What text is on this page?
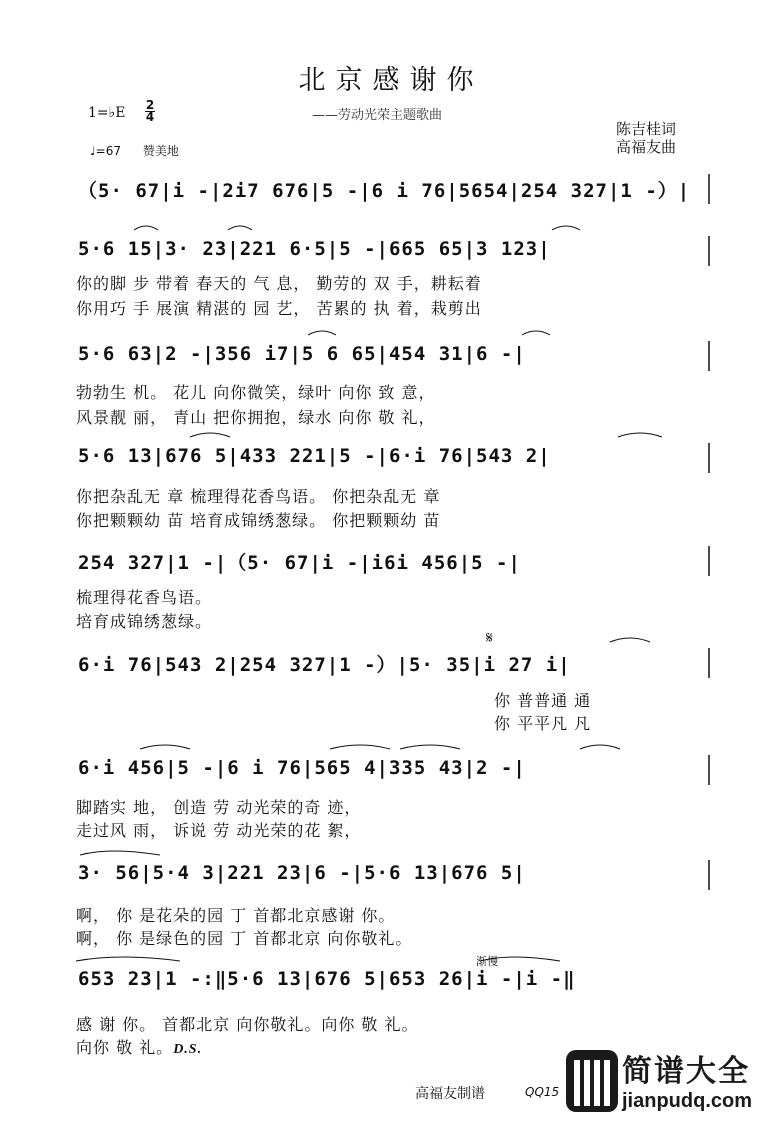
北京感谢你
——劳动光荣主题歌曲
1=♭E 2
4
♩=67 赞美地
陈吉桂词
高福友曲
（5· 67|i -|2i7 676|5 -|6 i 76|5654|254 327|1 -）|
5·6 15|3· 23|221 6·5|5 -|665 65|3 123|
你的脚 步 带着 春天的 气 息， 勤劳的 双 手，耕耘着
你用巧 手 展演 精湛的 园 艺， 苦累的 执 着，栽剪出
5·6 63|2 -|356 i7|5 6 65|454 31|6 -|
勃勃生 机。 花儿 向你微笑，绿叶 向你 致 意，
风景靓 丽， 青山 把你拥抱，绿水 向你 敬 礼，
5·6 13|676 5|433 221|5 -|6·i 76|543 2|
你把杂乱无 章 梳理得花香鸟语。 你把杂乱无 章
你把颗颗幼 苗 培育成锦绣葱绿。 你把颗颗幼 苗
254 327|1 -|（5· 67|i -|i6i 456|5 -|
梳理得花香鸟语。
培育成锦绣葱绿。
6·i 76|543 2|254 327|1 -）|5· 35|i 27 i|
你 普普通 通
你 平平凡 凡
𝄋
6·i 456|5 -|6 i 76|565 4|335 43|2 -|
脚踏实 地， 创造 劳 动光荣的奇 迹，
走过风 雨， 诉说 劳 动光荣的花 絮，
3· 56|5·4 3|221 23|6 -|5·6 13|676 5|
啊， 你 是花朵的园 丁 首都北京感谢 你。
啊， 你 是绿色的园 丁 首都北京 向你敬礼。
渐慢
653 23|1 -:‖5·6 13|676 5|653 26|i -|i -‖
感 谢 你。 首都北京 向你敬礼。向你 敬 礼。
向你 敬 礼。D.S.
高福友制谱	QQ15
简谱大全
jianpudq.com
